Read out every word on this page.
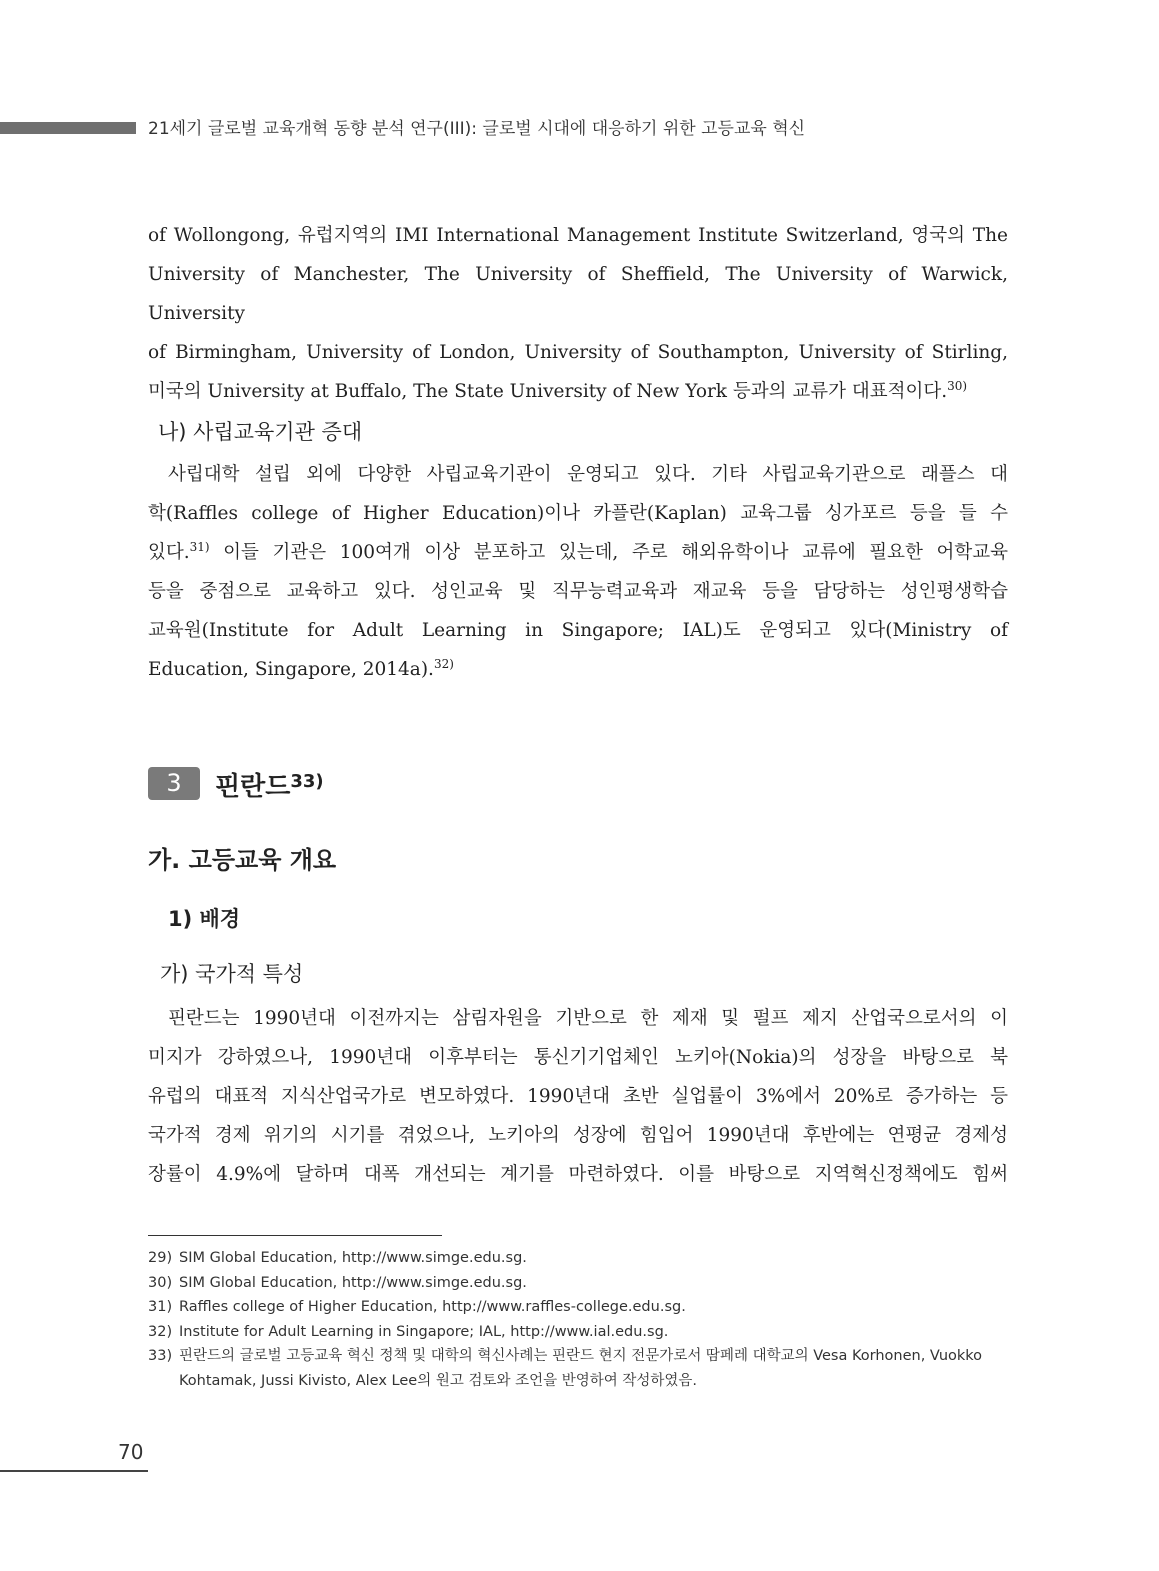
21세기 글로벌 교육개혁 동향 분석 연구(III): 글로벌 시대에 대응하기 위한 고등교육 혁신

of Wollongong, 유럽지역의 IMI International Management Institute Switzerland, 영국의 The

University of Manchester, The University of Sheffield, The University of Warwick, University

of Birmingham, University of London, University of Southampton, University of Stirling,

미국의 University at Buffalo, The State University of New York 등과의 교류가 대표적이다.$^{30)}$

나) 사립교육기관 증대

사립대학 설립 외에 다양한 사립교육기관이 운영되고 있다. 기타 사립교육기관으로 래플스 대

학(Raffles college of Higher Education)이나 카플란(Kaplan) 교육그룹 싱가포르 등을 들 수

있다.$^{31)}$ 이들 기관은 100여개 이상 분포하고 있는데, 주로 해외유학이나 교류에 필요한 어학교육

등을 중점으로 교육하고 있다. 성인교육 및 직무능력교육과 재교육 등을 담당하는 성인평생학습

교육원(Institute for Adult Learning in Singapore; IAL)도 운영되고 있다(Ministry of

Education, Singapore, 2014a).$^{32)}$

3	핀란드$^{33)}$
가. 고등교육 개요
1) 배경
가) 국가적 특성

핀란드는 1990년대 이전까지는 삼림자원을 기반으로 한 제재 및 펄프 제지 산업국으로서의 이

미지가 강하였으나, 1990년대 이후부터는 통신기기업체인 노키아(Nokia)의 성장을 바탕으로 북

유럽의 대표적 지식산업국가로 변모하였다. 1990년대 초반 실업률이 3%에서 20%로 증가하는 등

국가적 경제 위기의 시기를 겪었으나, 노키아의 성장에 힘입어 1990년대 후반에는 연평균 경제성

장률이 4.9%에 달하며 대폭 개선되는 계기를 마련하였다. 이를 바탕으로 지역혁신정책에도 힘써

29) SIM Global Education, http://www.simge.edu.sg.
30) SIM Global Education, http://www.simge.edu.sg.
31) Raffles college of Higher Education, http://www.raffles-college.edu.sg.
32) Institute for Adult Learning in Singapore; IAL, http://www.ial.edu.sg.
33) 핀란드의 글로벌 고등교육 혁신 정책 및 대학의 혁신사례는 핀란드 현지 전문가로서 땀페레 대학교의 Vesa Korhonen, Vuokko Kohtamak, Jussi Kivisto, Alex Lee의 원고 검토와 조언을 반영하여 작성하였음.
70
